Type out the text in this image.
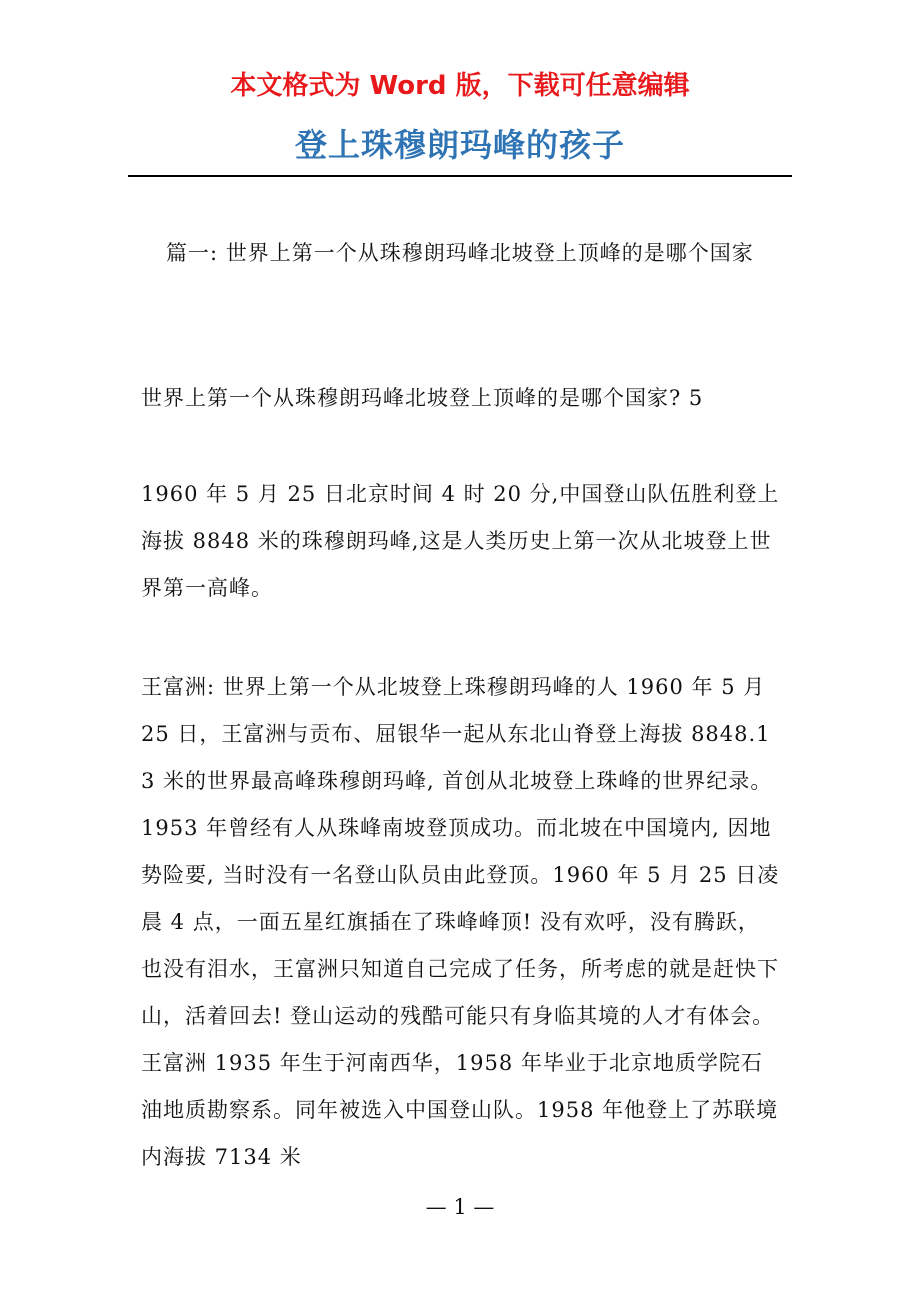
本文格式为 Word 版，下载可任意编辑
登上珠穆朗玛峰的孩子

篇一: 世界上第一个从珠穆朗玛峰北坡登上顶峰的是哪个国家

世界上第一个从珠穆朗玛峰北坡登上顶峰的是哪个国家? 5

1960 年 5 月 25 日北京时间 4 时 20 分,中国登山队伍胜利登上海拔 8848 米的珠穆朗玛峰,这是人类历史上第一次从北坡登上世界第一高峰。

王富洲: 世界上第一个从北坡登上珠穆朗玛峰的人 1960 年 5 月 25 日，王富洲与贡布、屈银华一起从东北山脊登上海拔 8848.13 米的世界最高峰珠穆朗玛峰, 首创从北坡登上珠峰的世界纪录。 1953 年曾经有人从珠峰南坡登顶成功。而北坡在中国境内, 因地势险要, 当时没有一名登山队员由此登顶。1960 年 5 月 25 日凌晨 4 点，一面五星红旗插在了珠峰峰顶! 没有欢呼，没有腾跃，也没有泪水，王富洲只知道自己完成了任务，所考虑的就是赶快下山，活着回去! 登山运动的残酷可能只有身临其境的人才有体会。 王富洲 1935 年生于河南西华，1958 年毕业于北京地质学院石油地质勘察系。同年被选入中国登山队。1958 年他登上了苏联境内海拔 7134 米

— 1 —
